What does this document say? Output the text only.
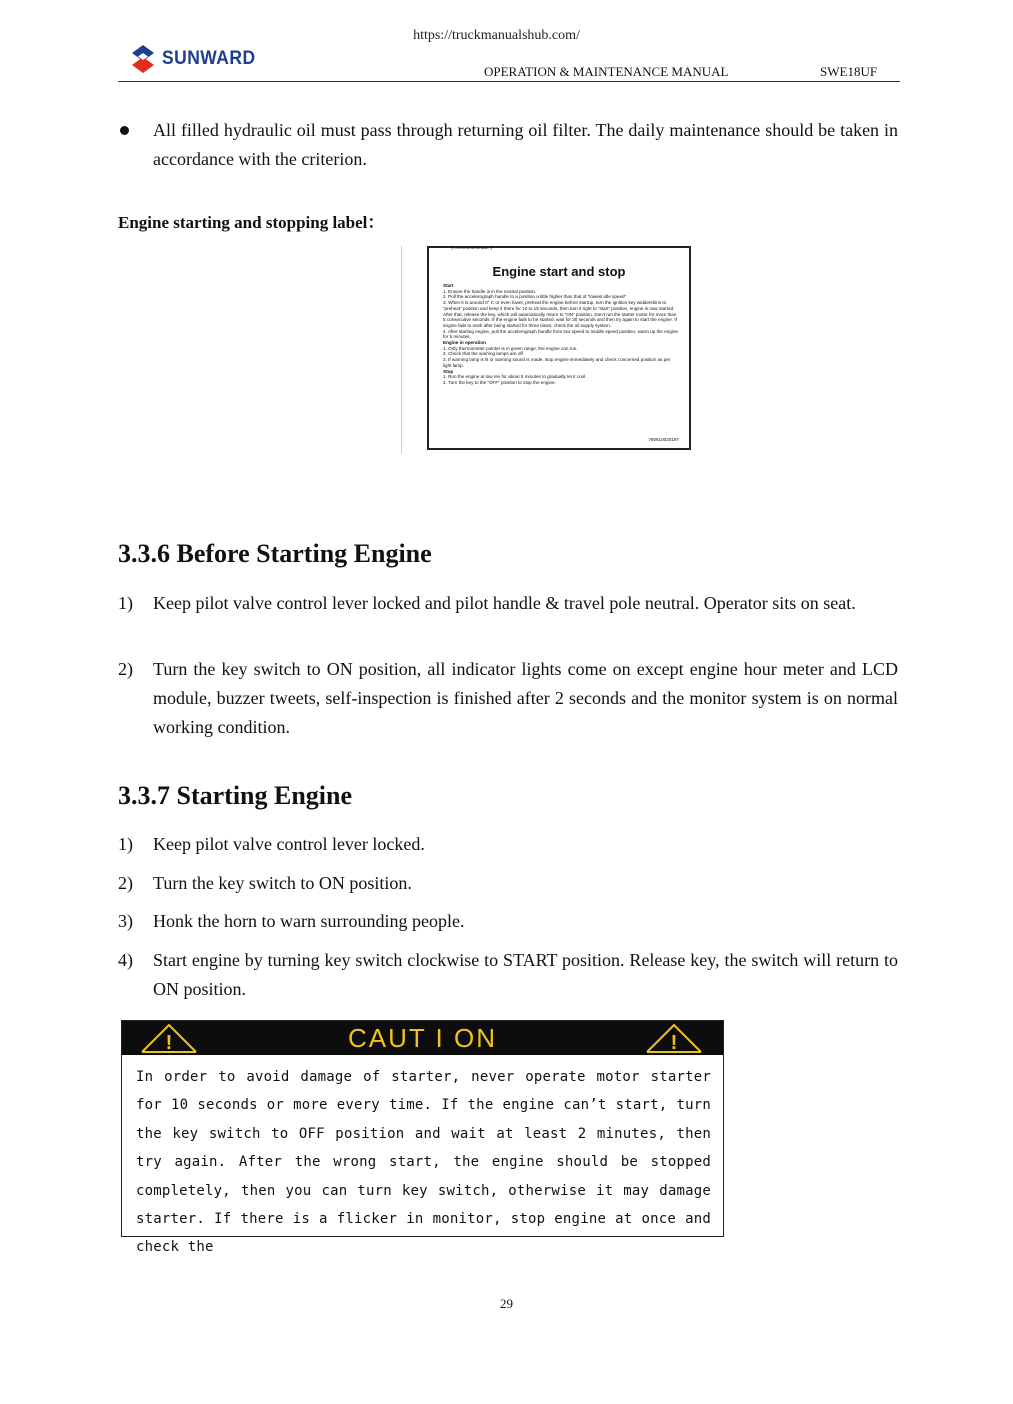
https://truckmanualshub.com/
SUNWARD
OPERATION & MAINTENANCE MANUAL	SWE18UF
All filled hydraulic oil must pass through returning oil filter. The daily maintenance should be taken in accordance with the criterion.
Engine starting and stopping label：
(...nnnnnnnnnnaa...)
Engine start and stop
Start
1. Ensure the handle is in the neutral position.
2. Pull the accelerograph handle to a position a little higher than that of “lowest idle speed”.
3. When it is around 0° C or even lower, preheat the engine before startup, turn the ignition key widdershins to “preheat” position and keep it there for 10 to 15 seconds, then turn it right to “start” position, engine is now started. After that, release the key, which will automatically return to “ON” position. Don't run the starter motor for more than 5 consecutive seconds. If the engine fails to be started, wait for 30 seconds and then try again to start the engine. If engine fails to work after being started for three times, check the oil supply system.
4. After starting engine, pull the accelerograph handle from low speed to middle speed position, warm up the engine for 5 minutes.
Engine in operation
1. Only thermometer pointer is in green range, the engine can run.
2. Check that the warning lamps are off.
3. If warning lamp is lit or warning sound is made, stop engine immediately and check concerned position as per light lamp.
Stop
1. Run the engine at low rev for about 5 minutes to gradually let it cool.
2. Turn the key to the “OFF” position to stop the engine.
780610020197
3.3.6 Before Starting Engine
1) Keep pilot valve control lever locked and pilot handle & travel pole neutral. Operator sits on seat.
2) Turn the key switch to ON position, all indicator lights come on except engine hour meter and LCD module, buzzer tweets, self-inspection is finished after 2 seconds and the monitor system is on normal working condition.
3.3.7 Starting Engine
1) Keep pilot valve control lever locked.
2) Turn the key switch to ON position.
3) Honk the horn to warn surrounding people.
4) Start engine by turning key switch clockwise to START position. Release key, the switch will return to ON position.
!	CAUT I ON	!
In order to avoid damage of starter, never operate motor starter for 10 seconds or more every time. If the engine can’t start, turn the key switch to OFF position and wait at least 2 minutes, then try again. After the wrong start, the engine should be stopped completely, then you can turn key switch, otherwise it may damage starter. If there is a flicker in monitor, stop engine at once and check the
29
